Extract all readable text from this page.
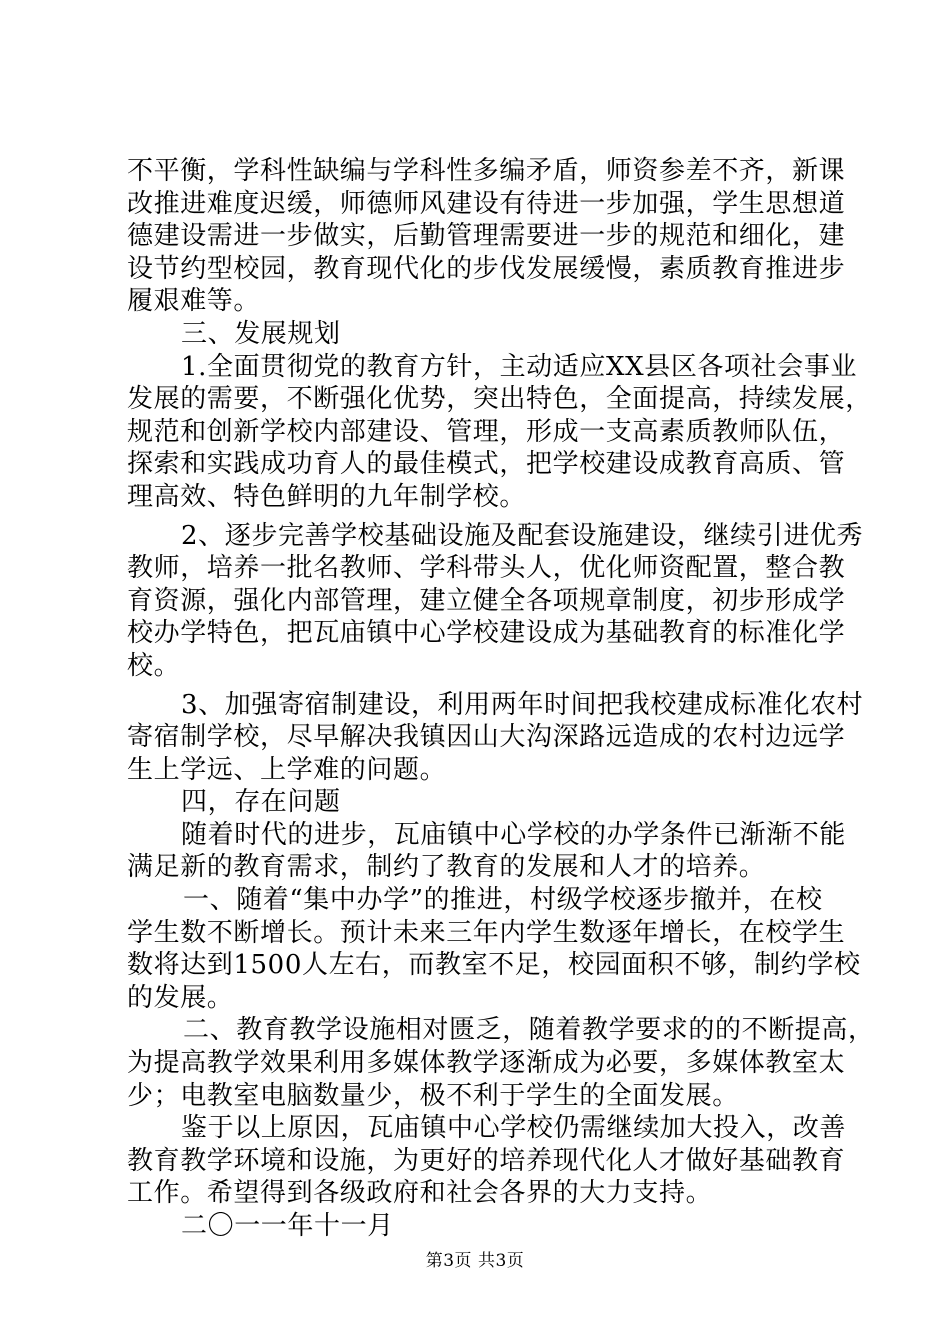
不平衡，学科性缺编与学科性多编矛盾，师资参差不齐，新课
改推进难度迟缓，师德师风建设有待进一步加强，学生思想道
德建设需进一步做实，后勤管理需要进一步的规范和细化，建
设节约型校园，教育现代化的步伐发展缓慢，素质教育推进步
履艰难等。
三、发展规划
1.全面贯彻党的教育方针，主动适应XX县区各项社会事业
发展的需要，不断强化优势，突出特色，全面提高，持续发展，
规范和创新学校内部建设、管理，形成一支高素质教师队伍，
探索和实践成功育人的最佳模式，把学校建设成教育高质、管
理高效、特色鲜明的九年制学校。
2、逐步完善学校基础设施及配套设施建设，继续引进优秀
教师，培养一批名教师、学科带头人，优化师资配置，整合教
育资源，强化内部管理，建立健全各项规章制度，初步形成学
校办学特色，把瓦庙镇中心学校建设成为基础教育的标准化学
校。
3、加强寄宿制建设，利用两年时间把我校建成标准化农村
寄宿制学校，尽早解决我镇因山大沟深路远造成的农村边远学
生上学远、上学难的问题。
四，存在问题
随着时代的进步，瓦庙镇中心学校的办学条件已渐渐不能
满足新的教育需求，制约了教育的发展和人才的培养。
一、随着“集中办学”的推进，村级学校逐步撤并，在校
学生数不断增长。预计未来三年内学生数逐年增长，在校学生
数将达到1500人左右，而教室不足，校园面积不够，制约学校
的发展。
二、教育教学设施相对匮乏，随着教学要求的的不断提高，
为提高教学效果利用多媒体教学逐渐成为必要，多媒体教室太
少；电教室电脑数量少，极不利于学生的全面发展。
鉴于以上原因，瓦庙镇中心学校仍需继续加大投入，改善
教育教学环境和设施，为更好的培养现代化人才做好基础教育
工作。希望得到各级政府和社会各界的大力支持。
二〇一一年十一月
第3页 共3页
